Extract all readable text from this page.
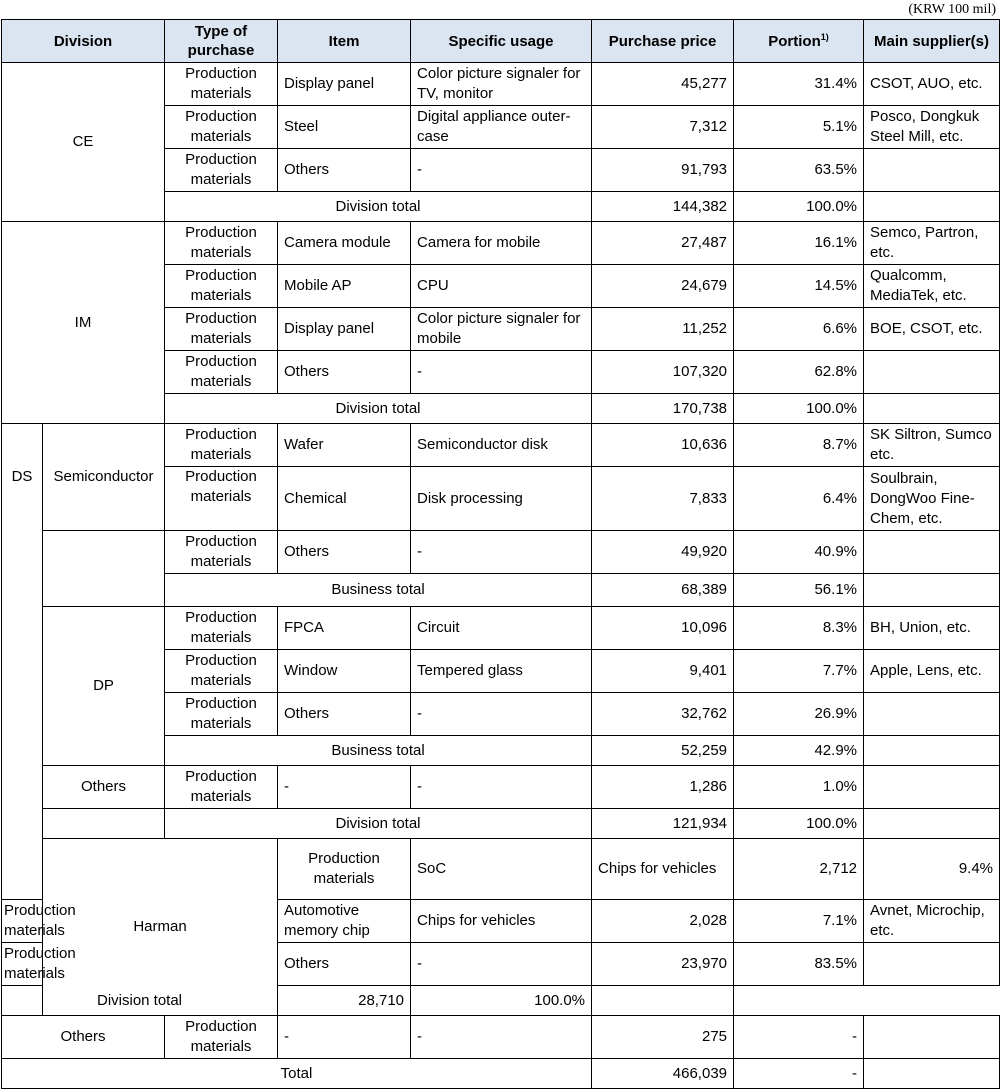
(KRW 100 mil)
Division		Type of purchase	Item	Specific usage	Purchase price	Portion$^{1)}$	Main supplier(s)	
CE		Production materials	Display panel	Color picture signaler for TV, monitor	45,277	31.4%	CSOT, AUO, etc.	
		Production materials	Steel	Digital appliance outer-case	7,312	5.1%	Posco, Dongkuk Steel Mill, etc.	
		Production materials	Others	-	91,793	63.5%		
		Division total			144,382	100.0%		
IM		Production materials	Camera module	Camera for mobile	27,487	16.1%	Semco, Partron, etc.	
		Production materials	Mobile AP	CPU	24,679	14.5%	Qualcomm, MediaTek, etc.	
		Production materials	Display panel	Color picture signaler for mobile	11,252	6.6%	BOE, CSOT, etc.	
		Production materials	Others	-	107,320	62.8%		
		Division total			170,738	100.0%		
DS	Semiconductor	Production materials	Wafer	Semiconductor disk	10,636	8.7%	SK Siltron, Sumco etc.	
		Production materials	Chemical	Disk processing	7,833	6.4%	Soulbrain, DongWoo Fine-Chem, etc.	
		Production materials	Others	-	49,920	40.9%		
		Business total			68,389	56.1%		
	DP	Production materials	FPCA	Circuit	10,096	8.3%	BH, Union, etc.	
		Production materials	Window	Tempered glass	9,401	7.7%	Apple, Lens, etc.	
		Production materials	Others	-	32,762	26.9%		
		Business total			52,259	42.9%		
	Others	Production materials	-	-	1,286	1.0%		
		Division total			121,934	100.0%		
	Harman		Production materials	SoC	Chips for vehicles	2,712	9.4%	
Production materials			Automotive memory chip	Chips for vehicles	2,028	7.1%	Avnet, Microchip, etc.	
Production materials			Others	-	23,970	83.5%		
Division total			28,710	100.0%				
Others		Production materials	-	-	275	-		
Total					466,039	-		
